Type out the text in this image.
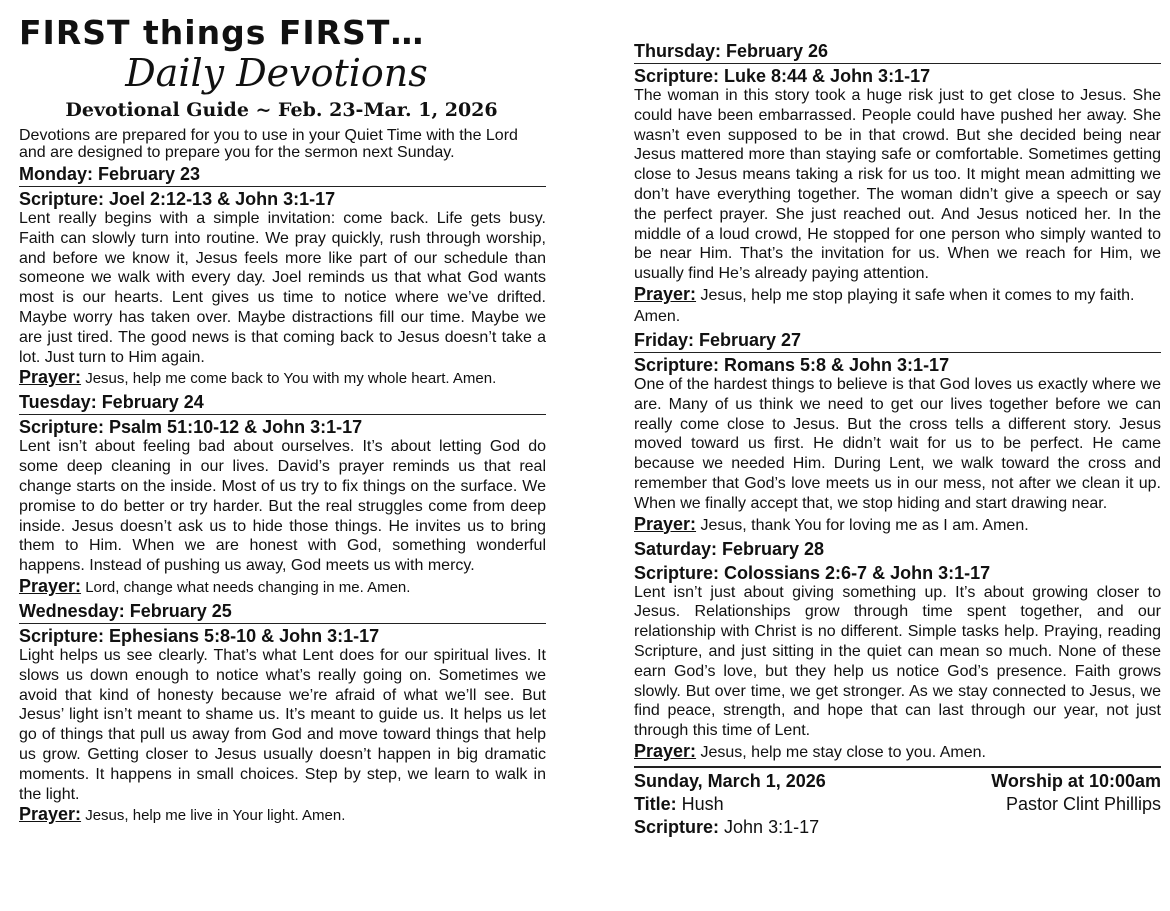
FIRST things FIRST…
Daily Devotions
Devotional Guide ~ Feb. 23-Mar. 1, 2026
Devotions are prepared for you to use in your Quiet Time with the Lord and are designed to prepare you for the sermon next Sunday.
Monday: February 23
Scripture: Joel 2:12-13 & John 3:1-17
Lent really begins with a simple invitation: come back. Life gets busy. Faith can slowly turn into routine. We pray quickly, rush through worship, and before we know it, Jesus feels more like part of our schedule than someone we walk with every day. Joel reminds us that what God wants most is our hearts. Lent gives us time to notice where we’ve drifted. Maybe worry has taken over. Maybe distractions fill our time. Maybe we are just tired. The good news is that coming back to Jesus doesn’t take a lot. Just turn to Him again.
Prayer: Jesus, help me come back to You with my whole heart. Amen.
Tuesday: February 24
Scripture: Psalm 51:10-12 & John 3:1-17
Lent isn’t about feeling bad about ourselves. It’s about letting God do some deep cleaning in our lives. David’s prayer reminds us that real change starts on the inside. Most of us try to fix things on the surface. We promise to do better or try harder. But the real struggles come from deep inside. Jesus doesn’t ask us to hide those things. He invites us to bring them to Him. When we are honest with God, something wonderful happens. Instead of pushing us away, God meets us with mercy.
Prayer: Lord, change what needs changing in me. Amen.
Wednesday: February 25
Scripture: Ephesians 5:8-10 & John 3:1-17
Light helps us see clearly. That’s what Lent does for our spiritual lives. It slows us down enough to notice what’s really going on. Sometimes we avoid that kind of honesty because we’re afraid of what we’ll see. But Jesus’ light isn’t meant to shame us. It’s meant to guide us. It helps us let go of things that pull us away from God and move toward things that help us grow. Getting closer to Jesus usually doesn’t happen in big dramatic moments. It happens in small choices. Step by step, we learn to walk in the light.
Prayer: Jesus, help me live in Your light. Amen.
Thursday: February 26
Scripture: Luke 8:44 & John 3:1-17
The woman in this story took a huge risk just to get close to Jesus. She could have been embarrassed. People could have pushed her away. She wasn’t even supposed to be in that crowd. But she decided being near Jesus mattered more than staying safe or comfortable. Sometimes getting close to Jesus means taking a risk for us too. It might mean admitting we don’t have everything together. The woman didn’t give a speech or say the perfect prayer. She just reached out. And Jesus noticed her. In the middle of a loud crowd, He stopped for one person who simply wanted to be near Him. That’s the invitation for us. When we reach for Him, we usually find He’s already paying attention.
Prayer: Jesus, help me stop playing it safe when it comes to my faith. Amen.
Friday: February 27
Scripture: Romans 5:8 & John 3:1-17
One of the hardest things to believe is that God loves us exactly where we are. Many of us think we need to get our lives together before we can really come close to Jesus. But the cross tells a different story. Jesus moved toward us first. He didn’t wait for us to be perfect. He came because we needed Him. During Lent, we walk toward the cross and remember that God’s love meets us in our mess, not after we clean it up. When we finally accept that, we stop hiding and start drawing near.
Prayer: Jesus, thank You for loving me as I am. Amen.
Saturday: February 28
Scripture: Colossians 2:6-7 & John 3:1-17
Lent isn’t just about giving something up. It’s about growing closer to Jesus. Relationships grow through time spent together, and our relationship with Christ is no different. Simple tasks help. Praying, reading Scripture, and just sitting in the quiet can mean so much. None of these earn God’s love, but they help us notice God’s presence. Faith grows slowly. But over time, we get stronger. As we stay connected to Jesus, we find peace, strength, and hope that can last through our year, not just through this time of Lent.
Prayer: Jesus, help me stay close to you. Amen.
Sunday, March 1, 2026	Worship at 10:00am
Title: Hush	Pastor Clint Phillips
Scripture: John 3:1-17
